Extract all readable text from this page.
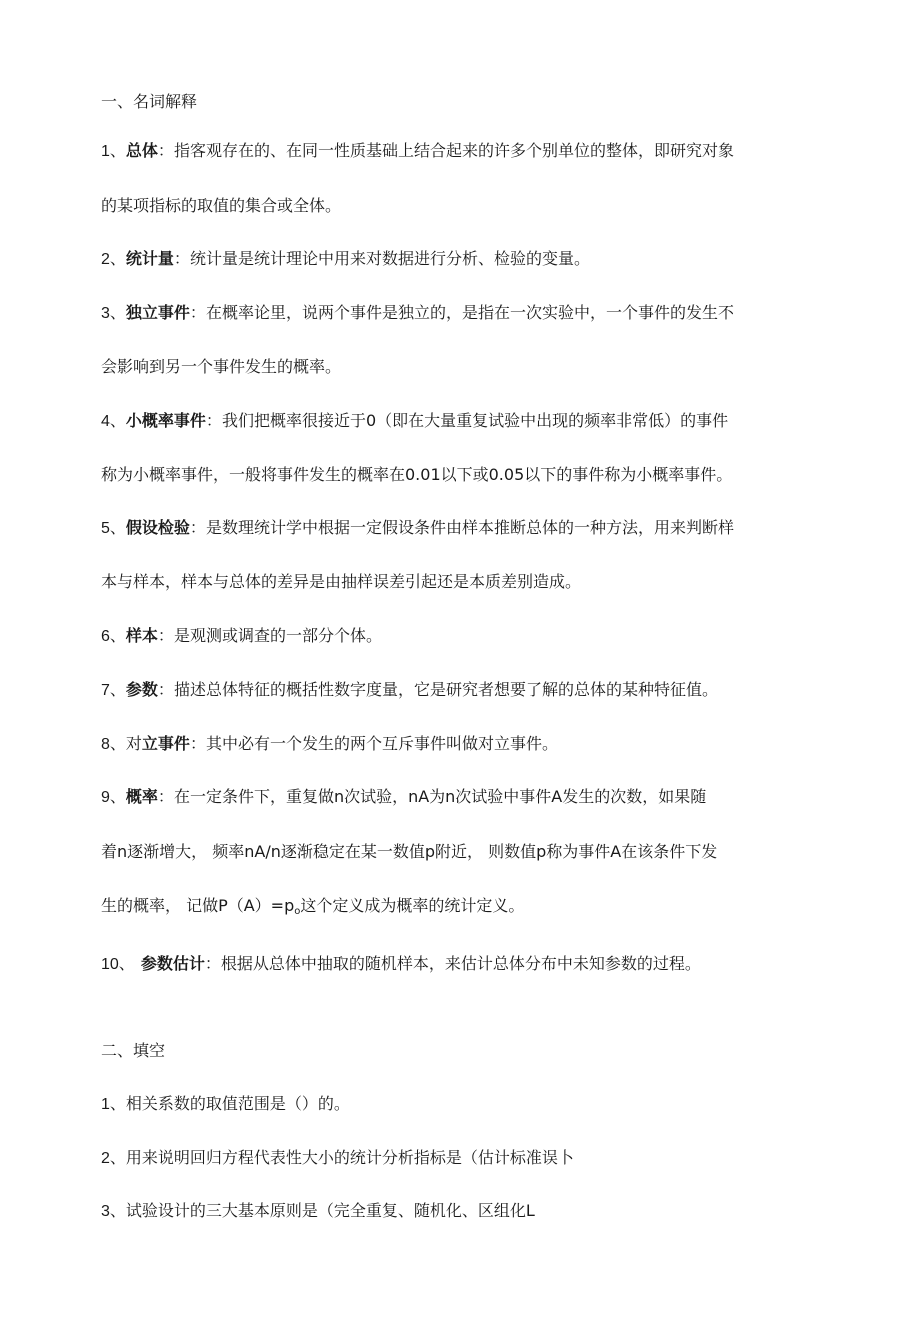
一、名词解释
1、总体：指客观存在的、在同一性质基础上结合起来的许多个别单位的整体，即研究对象
的某项指标的取值的集合或全体。
2、统计量：统计量是统计理论中用来对数据进行分析、检验的变量。
3、独立事件：在概率论里，说两个事件是独立的，是指在一次实验中，一个事件的发生不
会影响到另一个事件发生的概率。
4、小概率事件：我们把概率很接近于0（即在大量重复试验中出现的频率非常低）的事件
称为小概率事件，一般将事件发生的概率在0.01以下或0.05以下的事件称为小概率事件。
5、假设检验：是数理统计学中根据一定假设条件由样本推断总体的一种方法，用来判断样
本与样本，样本与总体的差异是由抽样误差引起还是本质差别造成。
6、样本：是观测或调查的一部分个体。
7、参数：描述总体特征的概括性数字度量，它是研究者想要了解的总体的某种特征值。
8、对立事件：其中必有一个发生的两个互斥事件叫做对立事件。
9、概率：在一定条件下，重复做n次试验，nA为n次试验中事件A发生的次数，如果随
着n逐渐增大， 频率nA/n逐渐稳定在某一数值p附近， 则数值p称为事件A在该条件下发
生的概率， 记做$P(A)=p_o$这个定义成为概率的统计定义。
10、 参数估计：根据从总体中抽取的随机样本，来估计总体分布中未知参数的过程。
二、填空
1、相关系数的取值范围是（）的。
2、用来说明回归方程代表性大小的统计分析指标是（估计标准误卜
3、试验设计的三大基本原则是（完全重复、随机化、区组化L
